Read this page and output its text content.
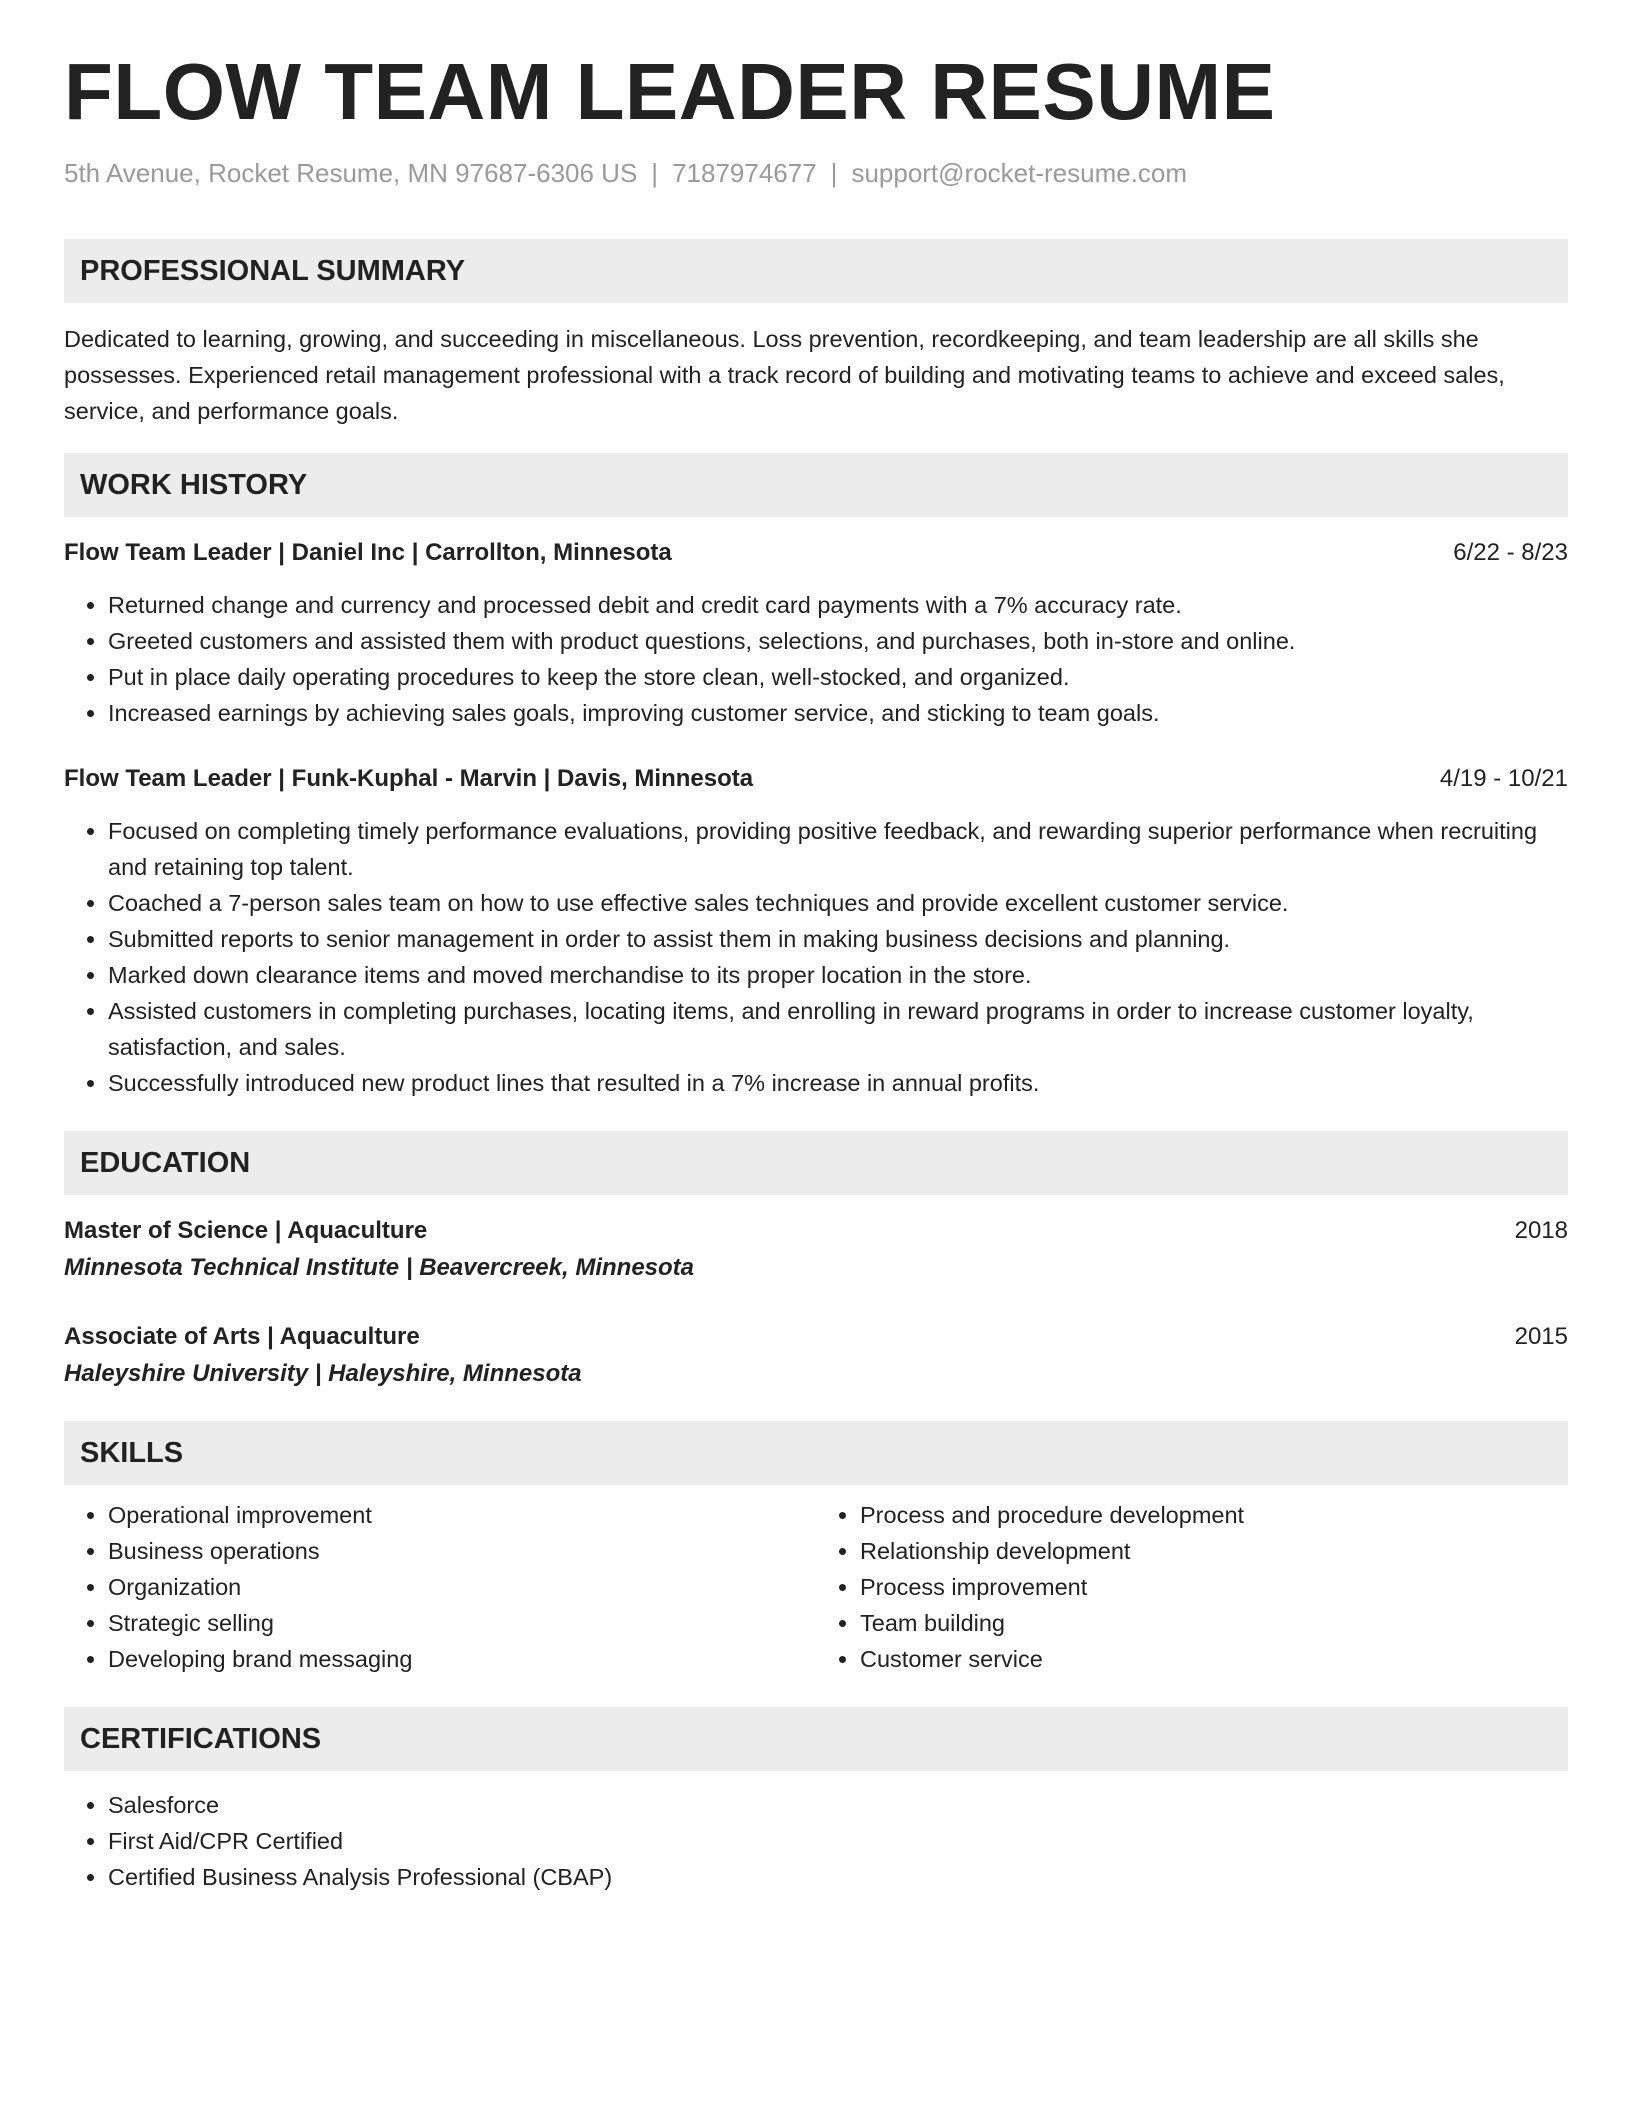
FLOW TEAM LEADER RESUME
5th Avenue, Rocket Resume, MN 97687-6306 US | 7187974677 | support@rocket-resume.com
PROFESSIONAL SUMMARY
Dedicated to learning, growing, and succeeding in miscellaneous. Loss prevention, recordkeeping, and team leadership are all skills she possesses. Experienced retail management professional with a track record of building and motivating teams to achieve and exceed sales, service, and performance goals.
WORK HISTORY
Flow Team Leader | Daniel Inc | Carrollton, Minnesota	6/22 - 8/23
• Returned change and currency and processed debit and credit card payments with a 7% accuracy rate.
• Greeted customers and assisted them with product questions, selections, and purchases, both in-store and online.
• Put in place daily operating procedures to keep the store clean, well-stocked, and organized.
• Increased earnings by achieving sales goals, improving customer service, and sticking to team goals.
Flow Team Leader | Funk-Kuphal - Marvin | Davis, Minnesota	4/19 - 10/21
• Focused on completing timely performance evaluations, providing positive feedback, and rewarding superior performance when recruiting and retaining top talent.
• Coached a 7-person sales team on how to use effective sales techniques and provide excellent customer service.
• Submitted reports to senior management in order to assist them in making business decisions and planning.
• Marked down clearance items and moved merchandise to its proper location in the store.
• Assisted customers in completing purchases, locating items, and enrolling in reward programs in order to increase customer loyalty, satisfaction, and sales.
• Successfully introduced new product lines that resulted in a 7% increase in annual profits.
EDUCATION
Master of Science | Aquaculture	2018
Minnesota Technical Institute | Beavercreek, Minnesota
Associate of Arts | Aquaculture	2015
Haleyshire University | Haleyshire, Minnesota
SKILLS
• Operational improvement
• Business operations
• Organization
• Strategic selling
• Developing brand messaging
• Process and procedure development
• Relationship development
• Process improvement
• Team building
• Customer service
CERTIFICATIONS
• Salesforce
• First Aid/CPR Certified
• Certified Business Analysis Professional (CBAP)
